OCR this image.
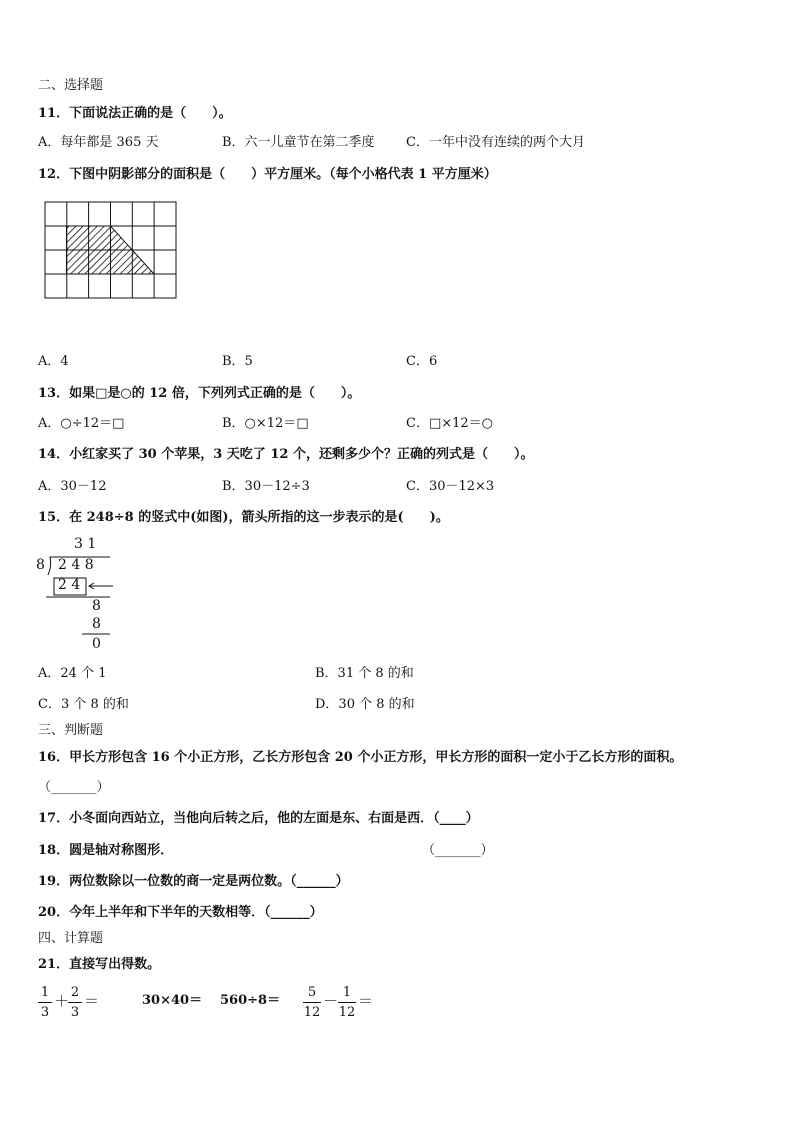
二、选择题
11．下面说法正确的是（　　）。
A．每年都是 365 天	B．六一儿童节在第二季度 C．一年中没有连续的两个大月
12．下图中阴影部分的面积是（　　）平方厘米。（每个小格代表 1 平方厘米）
A．4	B．5	C．6
13．如果□是○的 12 倍，下列列式正确的是（　　）。
A．○÷12＝□	B．○×12＝□	C．□×12＝○
14．小红家买了 30 个苹果，3 天吃了 12 个，还剩多少个？正确的列式是（　　）。
A．30－12	B．30－12÷3	C．30－12×3
15．在 248÷8 的竖式中(如图)，箭头所指的这一步表示的是(　　)。
3 1
8 2 4 8
2 4
8
8
0
A．24 个 1	B．31 个 8 的和
C．3 个 8 的和	D．30 个 8 的和
三、判断题
16．甲长方形包含 16 个小正方形，乙长方形包含 20 个小正方形，甲长方形的面积一定小于乙长方形的面积。
（_______）
17．小冬面向西站立，当他向后转之后，他的左面是东、右面是西．（____）
18．圆是轴对称图形．	（_______）
19．两位数除以一位数的商一定是两位数。（______）
20．今年上半年和下半年的天数相等．（______）
四、计算题
21．直接写出得数。
1
3
＋ 2
3
＝	30×40＝ 560÷8＝
5
12
－ 1
12
＝
